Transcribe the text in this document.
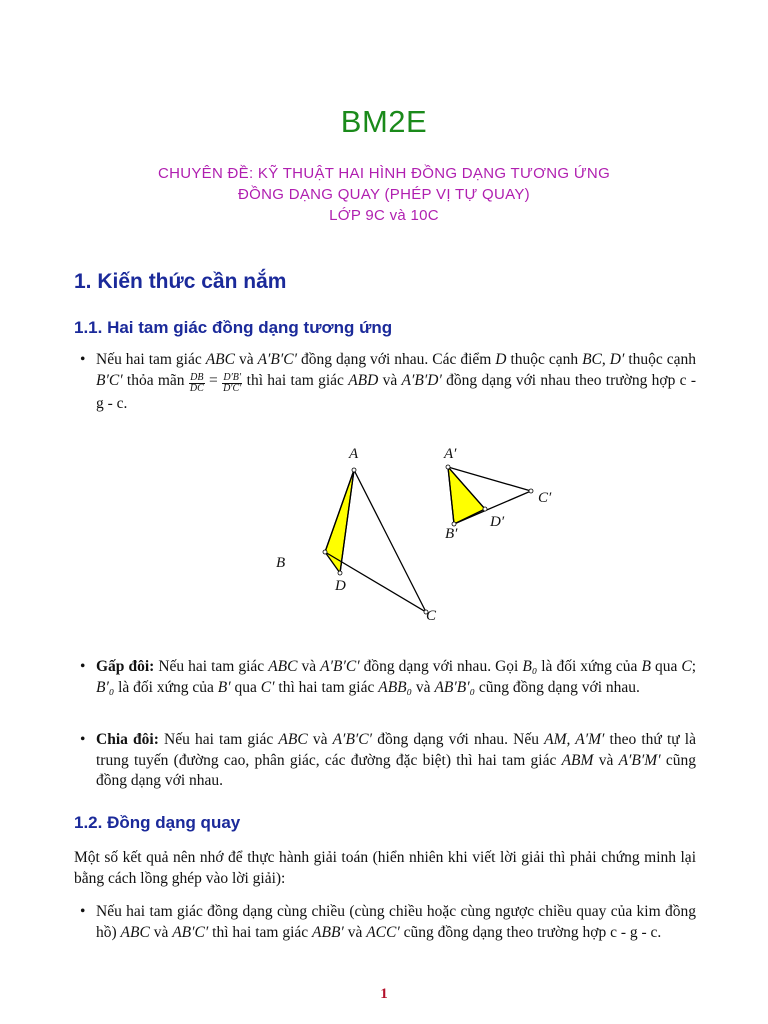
BM2E
CHUYÊN ĐỀ: KỸ THUẬT HAI HÌNH ĐỒNG DẠNG TƯƠNG ỨNG
ĐỒNG DẠNG QUAY (PHÉP VỊ TỰ QUAY)
LỚP 9C và 10C
1. Kiến thức cần nắm
1.1. Hai tam giác đồng dạng tương ứng
• Nếu hai tam giác ABC và A′B′C′ đồng dạng với nhau. Các điểm D thuộc cạnh BC, D′ thuộc cạnh B′C′ thỏa mãn $\frac{DB}{DC} = \frac{D'B'}{D'C'}$ thì hai tam giác ABD và A′B′D′ đồng dạng với nhau theo trường hợp c - g - c.
A
B
C
D
A′
B′
C′
D′
• Gấp đôi: Nếu hai tam giác ABC và A′B′C′ đồng dạng với nhau. Gọi B₀ là đối xứng của B qua C; B′₀ là đối xứng của B′ qua C′ thì hai tam giác ABB₀ và AB′B′₀ cũng đồng dạng với nhau.
• Chia đôi: Nếu hai tam giác ABC và A′B′C′ đồng dạng với nhau. Nếu AM, A′M′ theo thứ tự là trung tuyến (đường cao, phân giác, các đường đặc biệt) thì hai tam giác ABM và A′B′M′ cũng đồng dạng với nhau.
1.2. Đồng dạng quay
Một số kết quả nên nhớ để thực hành giải toán (hiển nhiên khi viết lời giải thì phải chứng minh lại bằng cách lồng ghép vào lời giải):
• Nếu hai tam giác đồng dạng cùng chiều (cùng chiều hoặc cùng ngược chiều quay của kim đồng hồ) ABC và AB′C′ thì hai tam giác ABB′ và ACC′ cũng đồng dạng theo trường hợp c - g - c.
1
